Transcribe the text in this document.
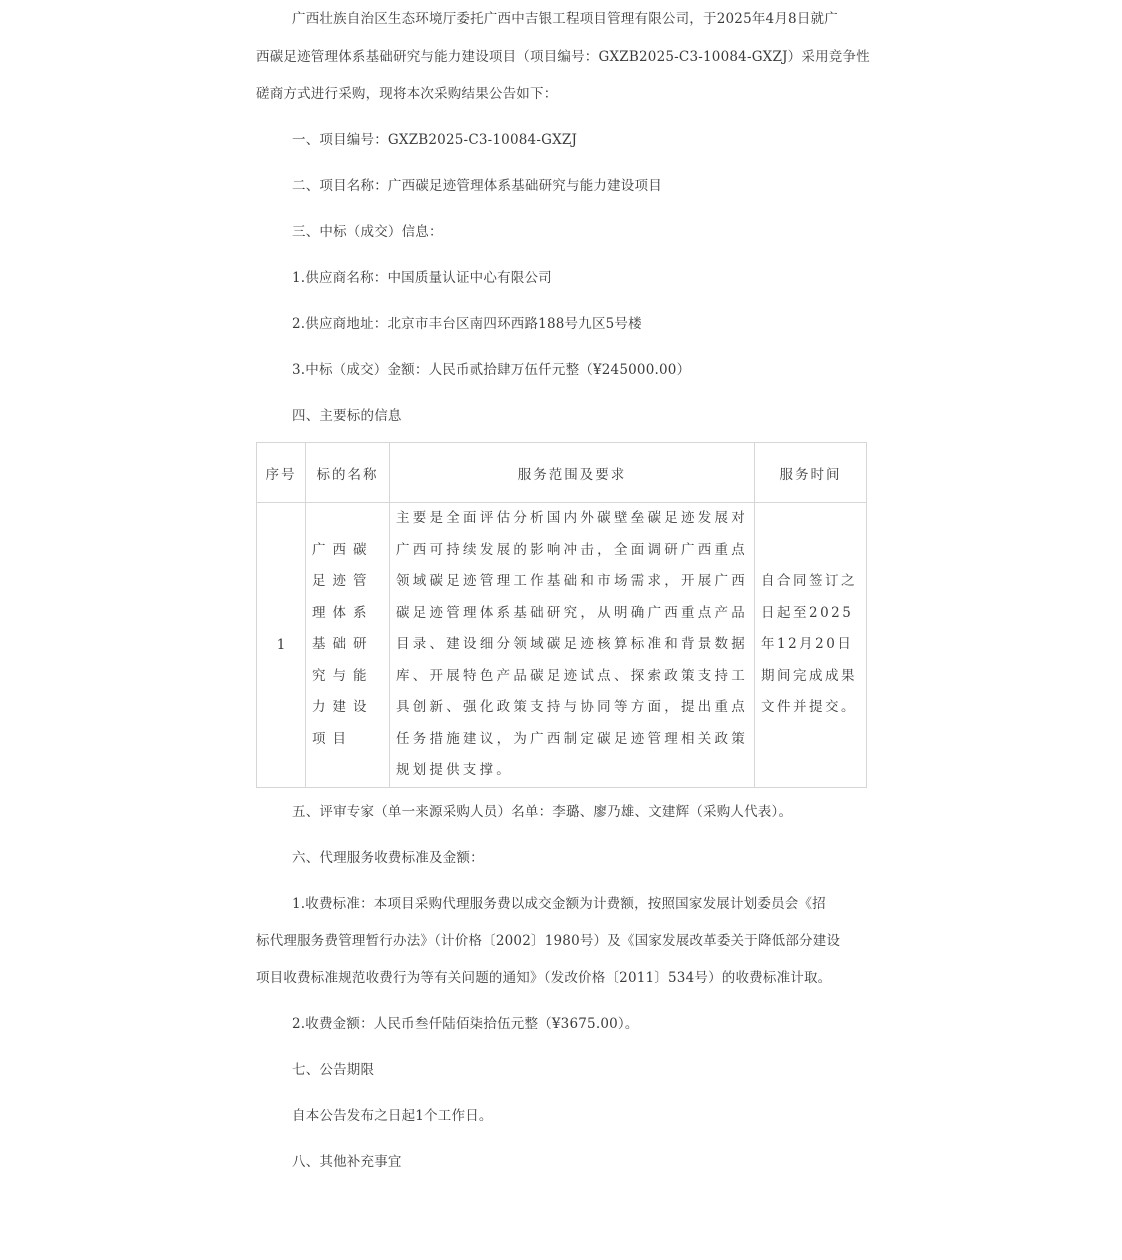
广西壮族自治区生态环境厅委托广西中吉银工程项目管理有限公司，于2025年4月8日就广
西碳足迹管理体系基础研究与能力建设项目（项目编号：GXZB2025-C3-10084-GXZJ）采用竞争性
磋商方式进行采购，现将本次采购结果公告如下：
一、项目编号：GXZB2025-C3-10084-GXZJ
二、项目名称：广西碳足迹管理体系基础研究与能力建设项目
三、中标（成交）信息：
1.供应商名称：中国质量认证中心有限公司
2.供应商地址：北京市丰台区南四环西路188号九区5号楼
3.中标（成交）金额：人民币贰拾肆万伍仟元整（¥245000.00）
四、主要标的信息
序号	标的名称	服务范围及要求	服务时间
1	广西碳足迹管理体系基础研究与能力建设项目	主要是全面评估分析国内外碳壁垒碳足迹发展对广西可持续发展的影响冲击，全面调研广西重点领域碳足迹管理工作基础和市场需求，开展广西碳足迹管理体系基础研究，从明确广西重点产品目录、建设细分领域碳足迹核算标准和背景数据库、开展特色产品碳足迹试点、探索政策支持工具创新、强化政策支持与协同等方面，提出重点任务措施建议，为广西制定碳足迹管理相关政策规划提供支撑。	自合同签订之日起至2025年12月20日期间完成成果文件并提交。
五、评审专家（单一来源采购人员）名单：李璐、廖乃雄、文建辉（采购人代表）。
六、代理服务收费标准及金额：
1.收费标准：本项目采购代理服务费以成交金额为计费额，按照国家发展计划委员会《招
标代理服务费管理暂行办法》（计价格〔2002〕1980号）及《国家发展改革委关于降低部分建设
项目收费标准规范收费行为等有关问题的通知》（发改价格〔2011〕534号）的收费标准计取。
2.收费金额：人民币叁仟陆佰柒拾伍元整（¥3675.00）。
七、公告期限
自本公告发布之日起1个工作日。
八、其他补充事宜
